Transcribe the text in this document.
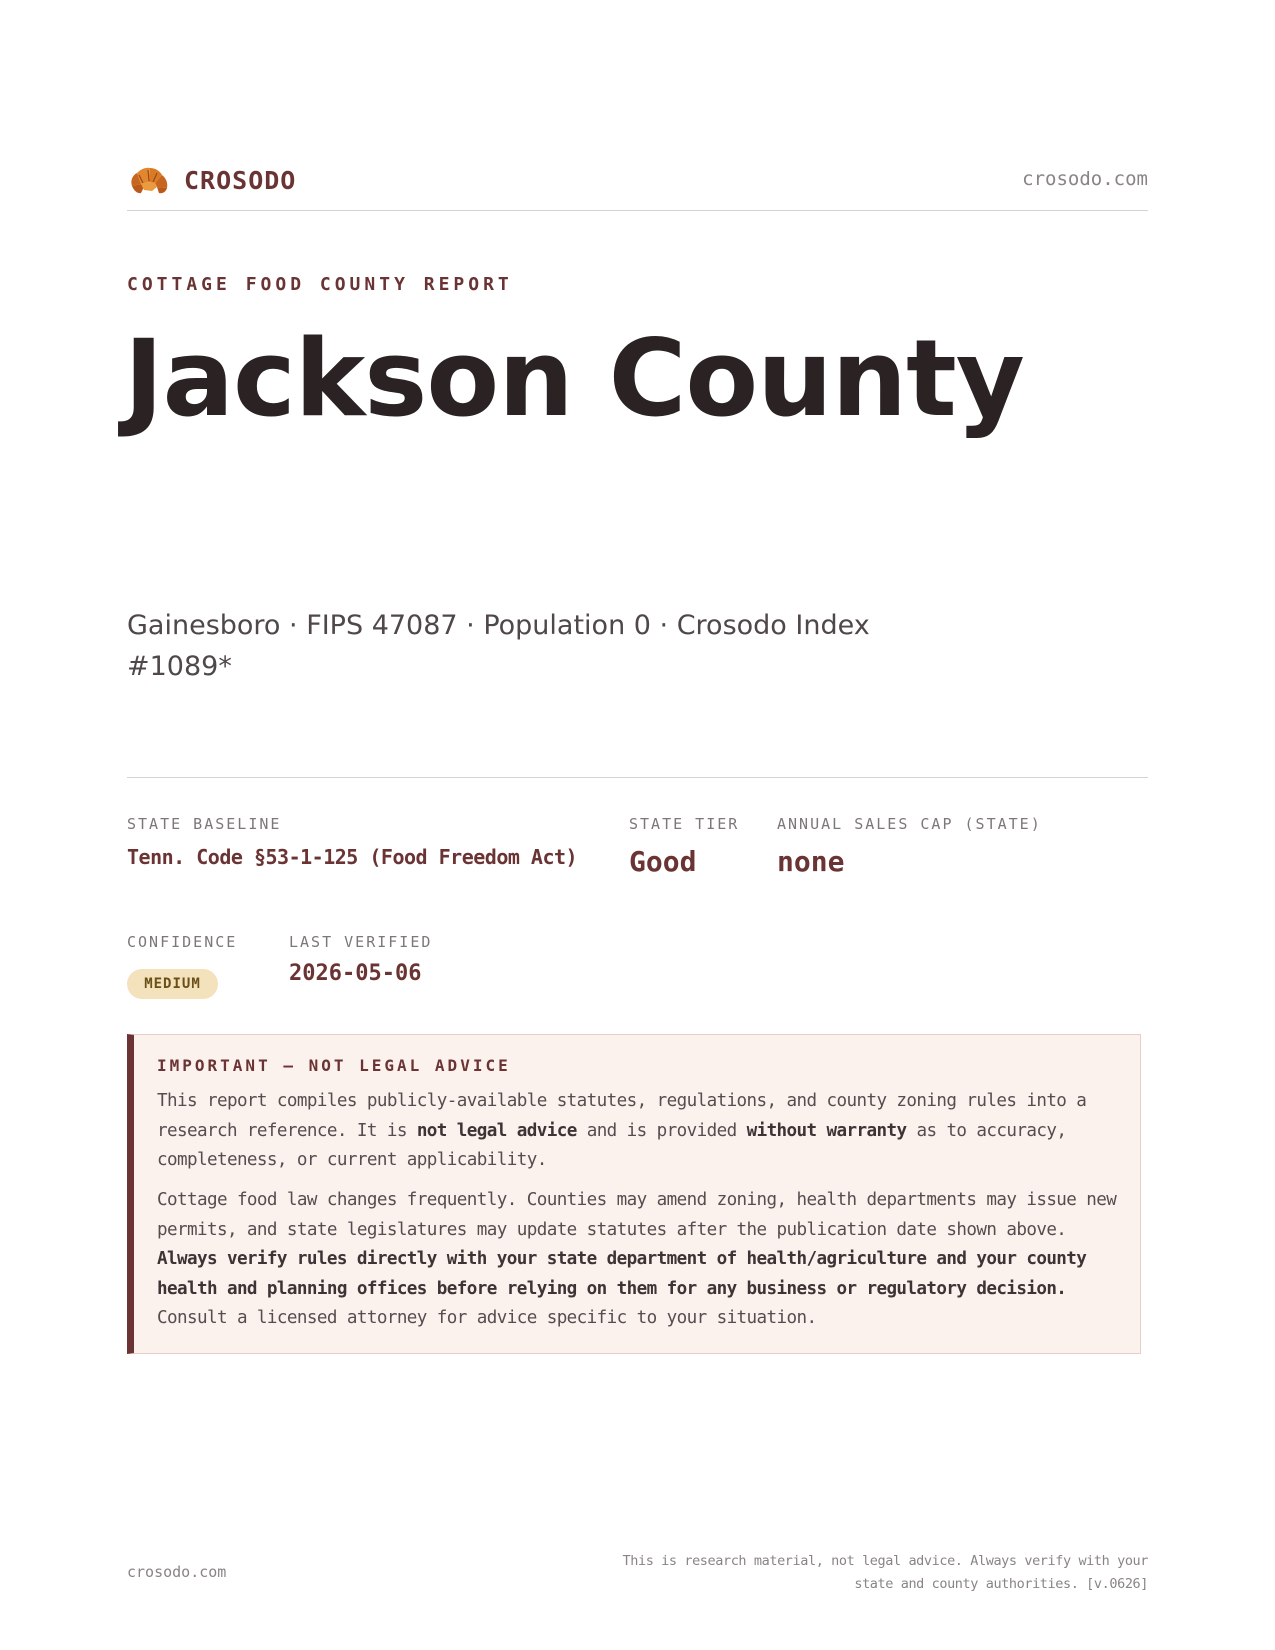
CROSODO	crosodo.com
COTTAGE FOOD COUNTY REPORT
Jackson County
Gainesboro · FIPS 47087 · Population 0 · Crosodo Index #1089*
STATE BASELINE
Tenn. Code §53-1-125 (Food Freedom Act)
STATE TIER
Good
ANNUAL SALES CAP (STATE)
none
CONFIDENCE
MEDIUM
LAST VERIFIED
2026-05-06
IMPORTANT — NOT LEGAL ADVICE

This report compiles publicly-available statutes, regulations, and county zoning rules into a research reference. It is not legal advice and is provided without warranty as to accuracy, completeness, or current applicability.

Cottage food law changes frequently. Counties may amend zoning, health departments may issue new permits, and state legislatures may update statutes after the publication date shown above. Always verify rules directly with your state department of health/agriculture and your county health and planning offices before relying on them for any business or regulatory decision. Consult a licensed attorney for advice specific to your situation.

crosodo.com
This is research material, not legal advice. Always verify with your state and county authorities. [v.0626]
